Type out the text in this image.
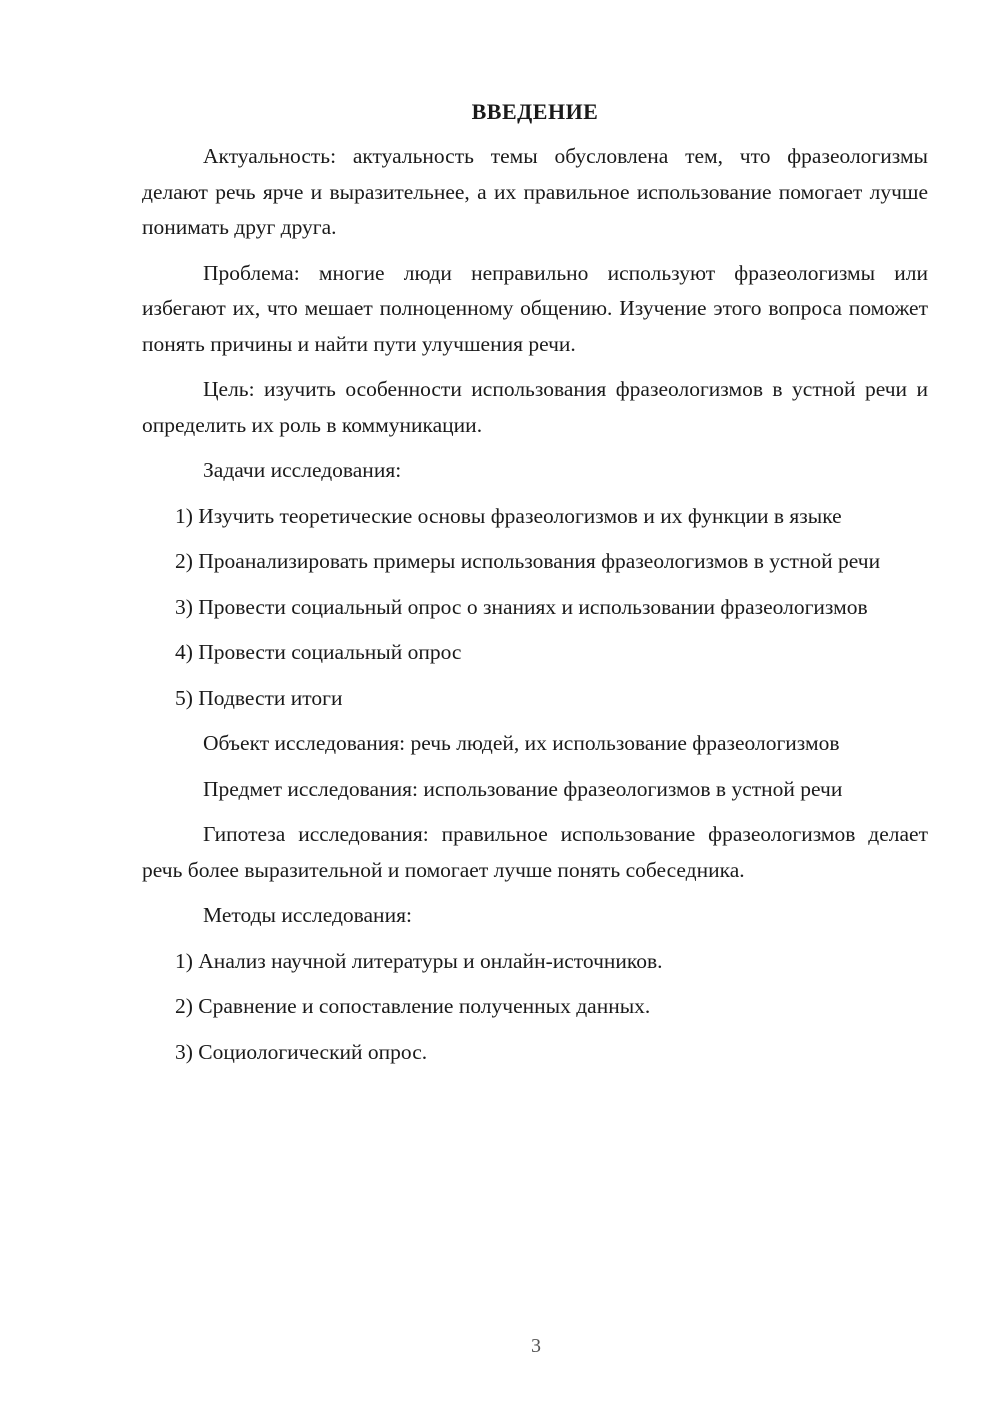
ВВЕДЕНИЕ
Актуальность: актуальность темы обусловлена тем, что фразеологизмы делают речь ярче и выразительнее, а их правильное использование помогает лучше понимать друг друга.
Проблема: многие люди неправильно используют фразеологизмы или избегают их, что мешает полноценному общению. Изучение этого вопроса поможет понять причины и найти пути улучшения речи.
Цель: изучить особенности использования фразеологизмов в устной речи и определить их роль в коммуникации.
Задачи исследования:
1) Изучить теоретические основы фразеологизмов и их функции в языке
2) Проанализировать примеры использования фразеологизмов в устной речи
3) Провести социальный опрос о знаниях и использовании фразеологизмов
4) Провести социальный опрос
5) Подвести итоги
Объект исследования: речь людей, их использование фразеологизмов
Предмет исследования: использование фразеологизмов в устной речи
Гипотеза исследования: правильное использование фразеологизмов делает речь более выразительной и помогает лучше понять собеседника.
Методы исследования:
1) Анализ научной литературы и онлайн-источников.
2) Сравнение и сопоставление полученных данных.
3) Социологический опрос.
3
